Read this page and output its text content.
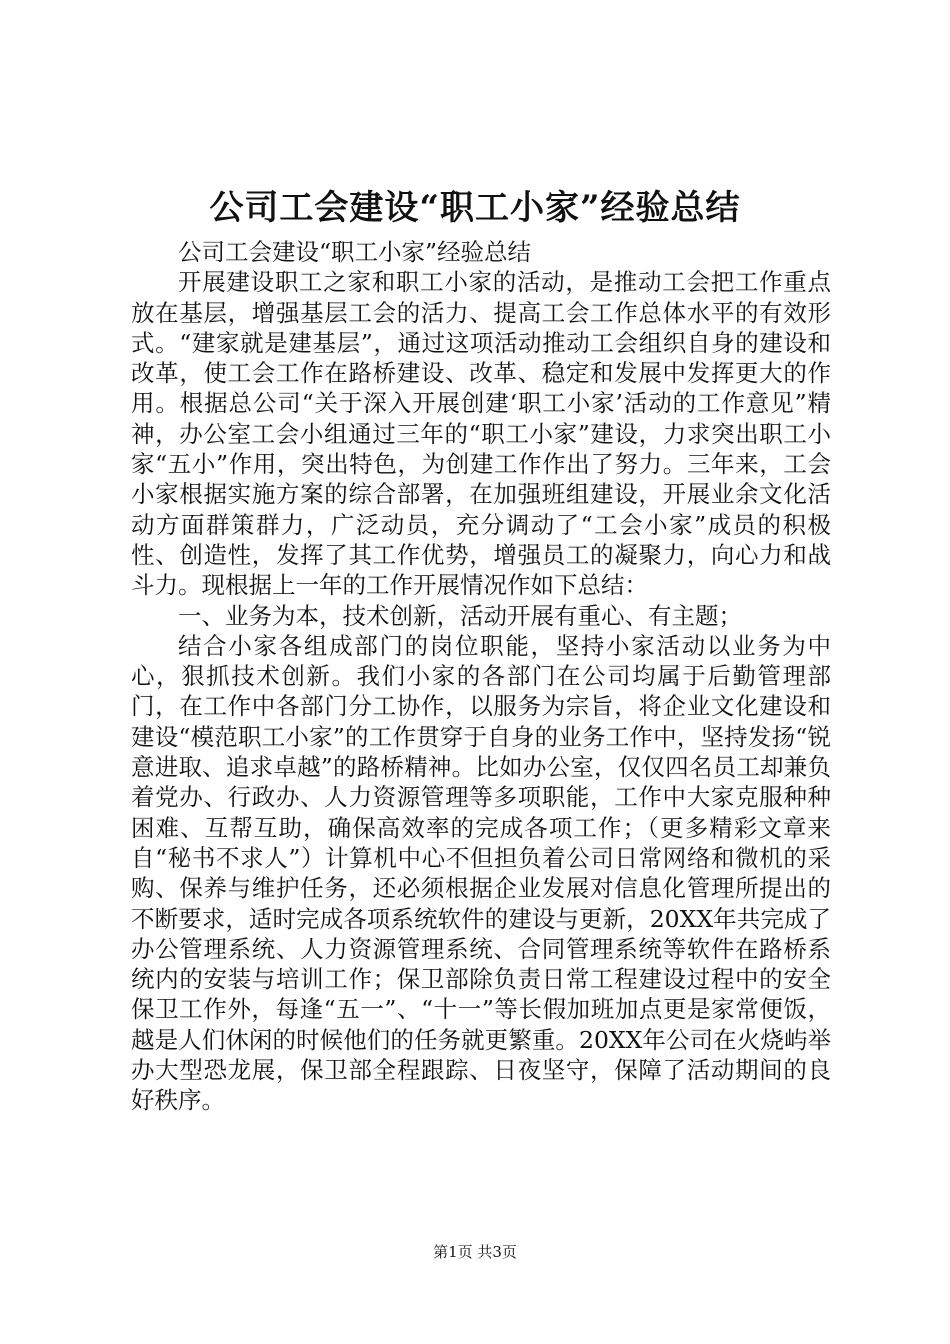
公司工会建设“职工小家”经验总结

公司工会建设“职工小家”经验总结

开展建设职工之家和职工小家的活动，是推动工会把工作重点放在基层，增强基层工会的活力、提高工会工作总体水平的有效形式。“建家就是建基层”，通过这项活动推动工会组织自身的建设和改革，使工会工作在路桥建设、改革、稳定和发展中发挥更大的作用。根据总公司“关于深入开展创建‘职工小家’活动的工作意见”精神，办公室工会小组通过三年的“职工小家”建设，力求突出职工小家“五小”作用，突出特色，为创建工作作出了努力。三年来，工会小家根据实施方案的综合部署，在加强班组建设，开展业余文化活动方面群策群力，广泛动员，充分调动了“工会小家”成员的积极性、创造性，发挥了其工作优势，增强员工的凝聚力，向心力和战斗力。现根据上一年的工作开展情况作如下总结：

一、业务为本，技术创新，活动开展有重心、有主题；

结合小家各组成部门的岗位职能，坚持小家活动以业务为中心，狠抓技术创新。我们小家的各部门在公司均属于后勤管理部门，在工作中各部门分工协作，以服务为宗旨，将企业文化建设和建设“模范职工小家”的工作贯穿于自身的业务工作中，坚持发扬“锐意进取、追求卓越”的路桥精神。比如办公室，仅仅四名员工却兼负着党办、行政办、人力资源管理等多项职能，工作中大家克服种种困难、互帮互助，确保高效率的完成各项工作；（更多精彩文章来自“秘书不求人”）计算机中心不但担负着公司日常网络和微机的采购、保养与维护任务，还必须根据企业发展对信息化管理所提出的不断要求，适时完成各项系统软件的建设与更新，20XX年共完成了办公管理系统、人力资源管理系统、合同管理系统等软件在路桥系统内的安装与培训工作；保卫部除负责日常工程建设过程中的安全保卫工作外，每逢“五一”、“十一”等长假加班加点更是家常便饭，越是人们休闲的时候他们的任务就更繁重。20XX年公司在火烧屿举办大型恐龙展，保卫部全程跟踪、日夜坚守，保障了活动期间的良好秩序。

第1页 共3页
